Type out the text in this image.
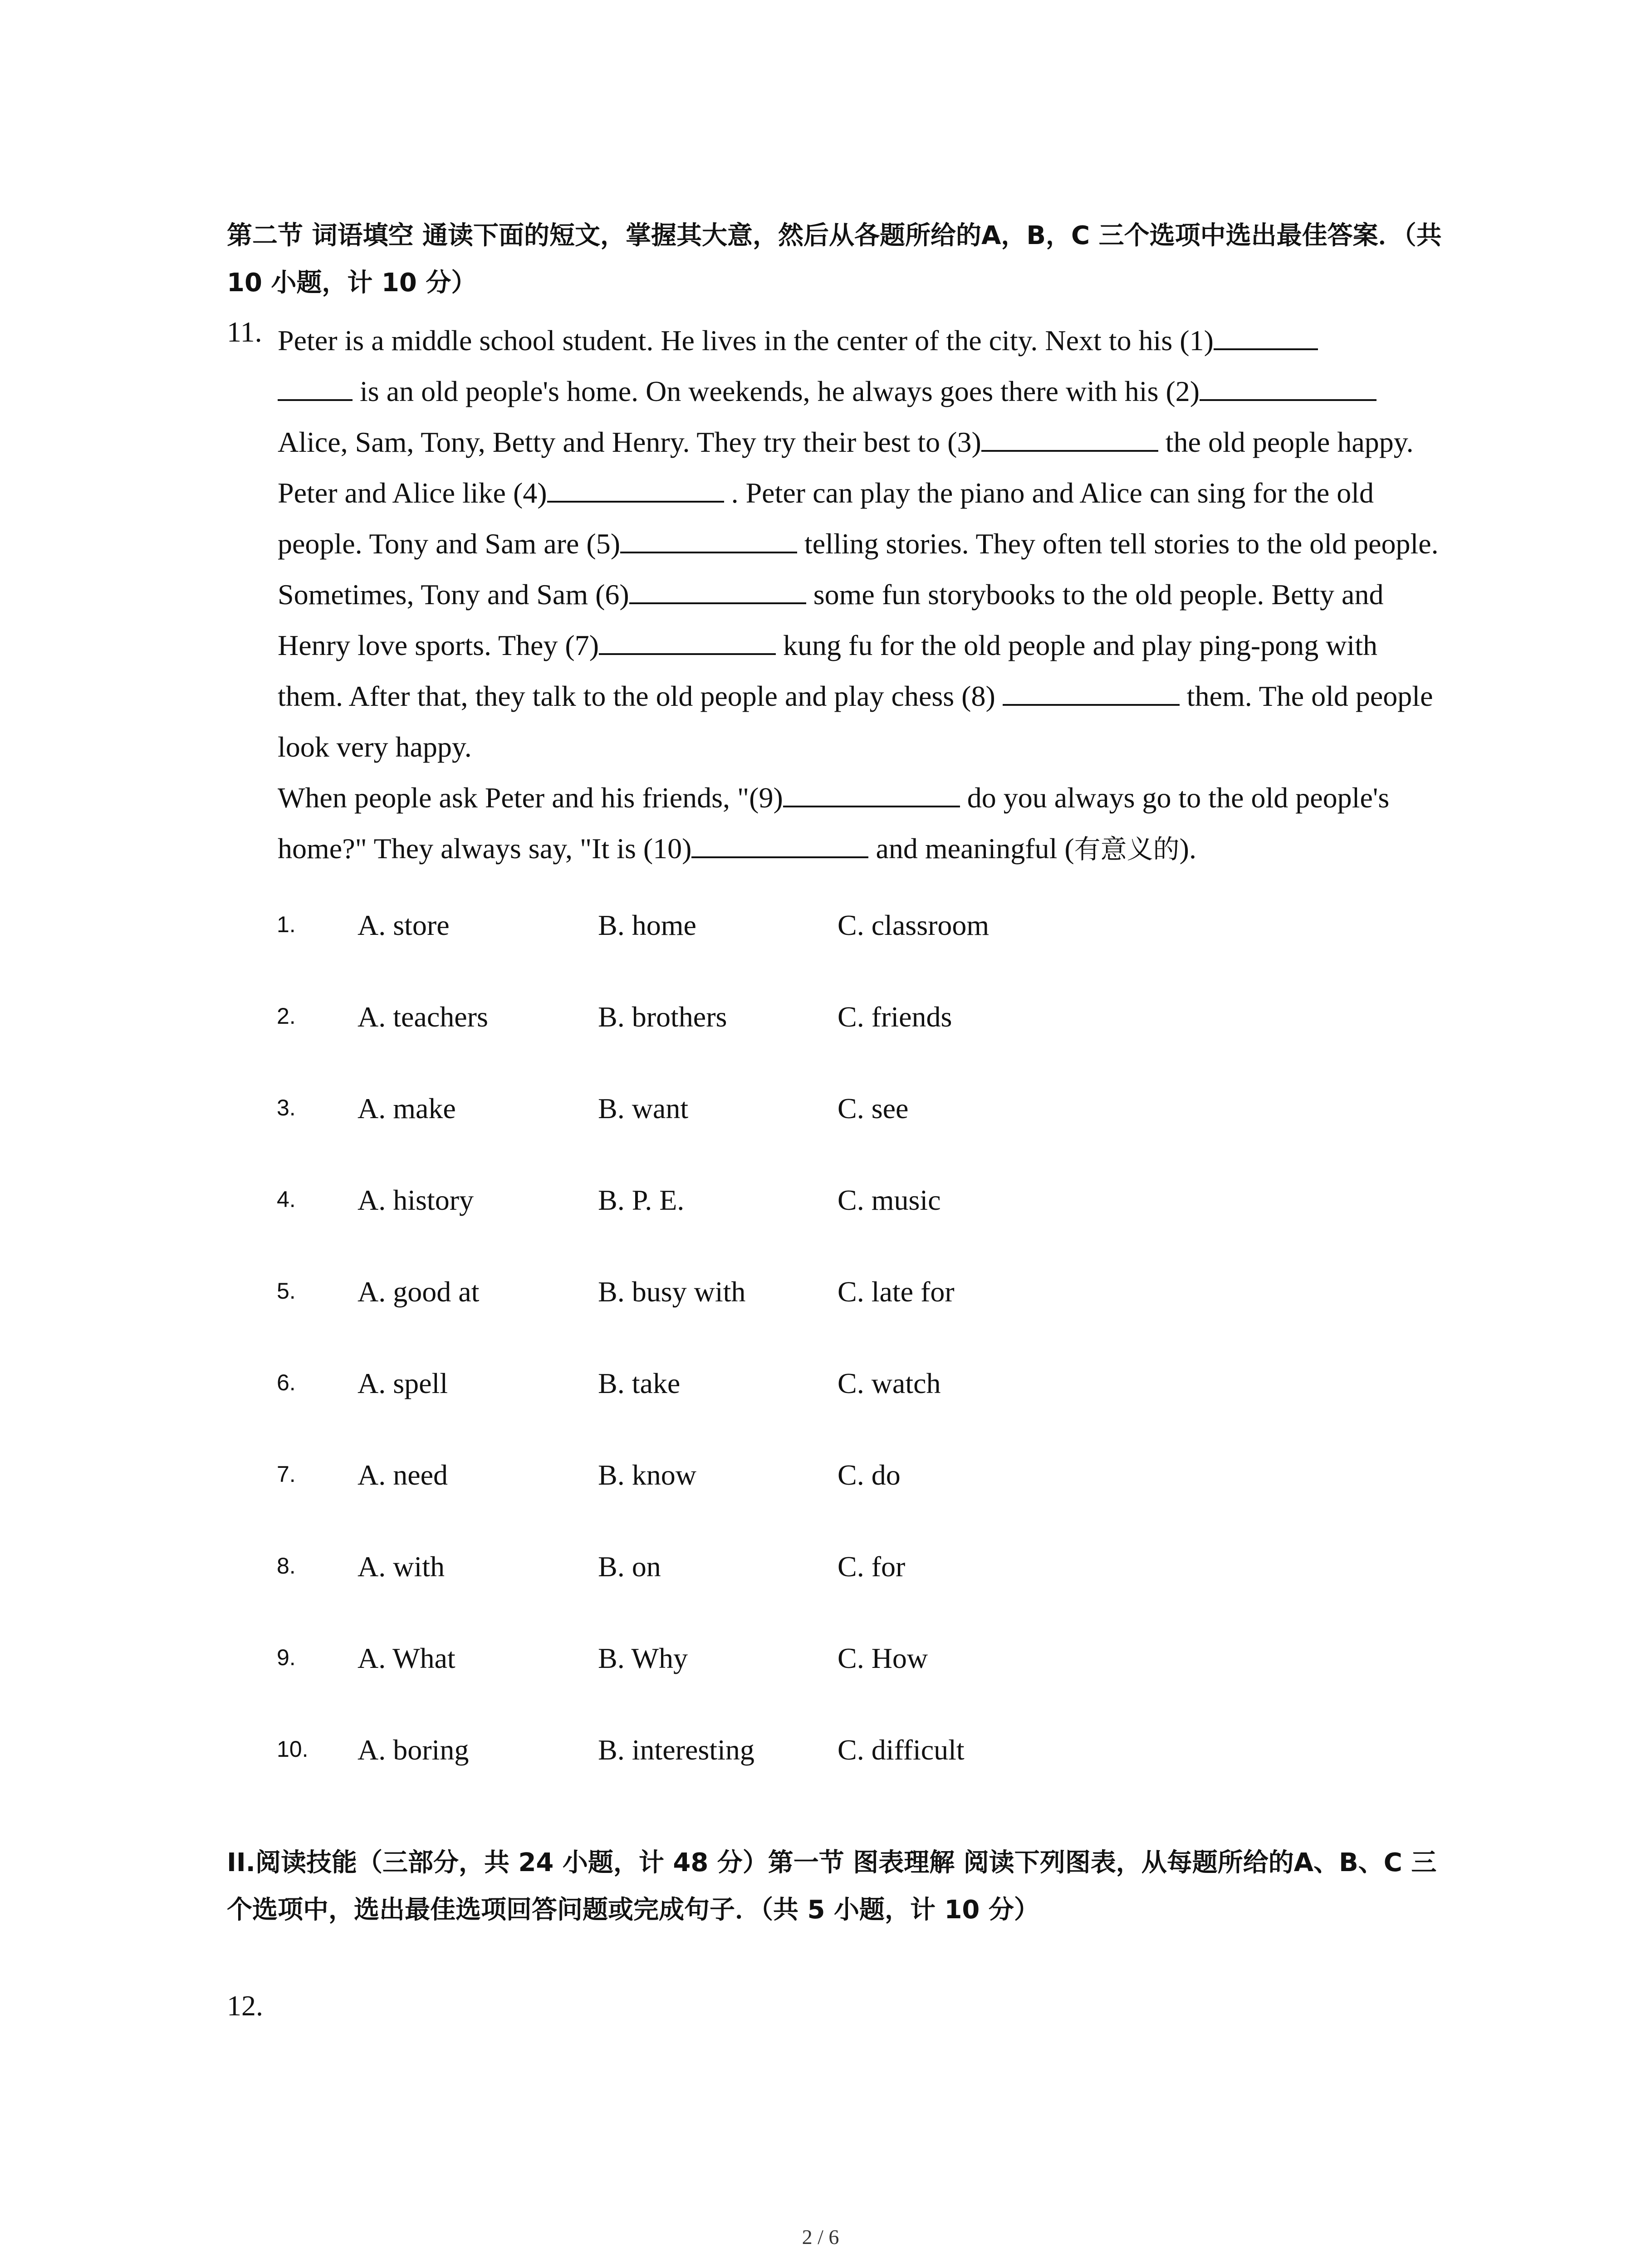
第二节 词语填空 通读下面的短文，掌握其大意，然后从各题所给的A，B，C 三个选项中选出最佳答案．（共 10 小题，计 10 分）

11. Peter is a middle school student. He lives in the center of the city. Next to his (1)
is an old people's home. On weekends, he always goes there with his (2) Alice, Sam, Tony, Betty and Henry. They try their best to (3)	the old people happy.

Peter and Alice like (4)	. Peter can play the piano and Alice can sing for the old people. Tony and Sam are (5)	telling stories. They often tell stories to the old people. Sometimes, Tony and Sam (6)	some fun storybooks to the old people. Betty and Henry love sports. They (7)	kung fu for the old people and play ping-pong with them. After that, they talk to the old people and play chess (8)	them. The old people look very happy.

When people ask Peter and his friends, "(9)	do you always go to the old people's home?" They always say, "It is (10)	and meaningful (有意义的).

1. A. store	B. home	C. classroom
2. A. teachers	B. brothers	C. friends
3. A. make	B. want	C. see
4. A. history	B. P. E.	C. music
5. A. good at	B. busy with	C. late for
6. A. spell	B. take	C. watch
7. A. need	B. know	C. do
8. A. with	B. on	C. for
9. A. What	B. Why	C. How
10. A. boring	B. interesting	C. difficult

II.阅读技能（三部分，共 24 小题，计 48 分）第一节 图表理解 阅读下列图表，从每题所给的A、B、C 三个选项中，选出最佳选项回答问题或完成句子．（共 5 小题，计 10 分）

12.
2 / 6
